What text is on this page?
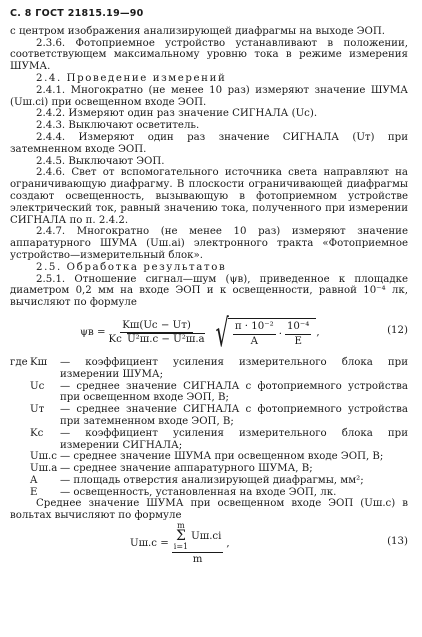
С. 8 ГОСТ 21815.19—90

с центром изображения анализирующей диафрагмы на выходе ЭОП.

2.3.6. Фотоприемное устройство устанавливают в положении, соответствующем максимальному уровню тока в режиме измерения ШУМА.

2.4. Проведение измерений

2.4.1. Многократно (не менее 10 раз) измеряют значение ШУМА (Uш.сi) при освещенном входе ЭОП.

2.4.2. Измеряют один раз значение СИГНАЛА (Uс).

2.4.3. Выключают осветитель.

2.4.4. Измеряют один раз значение СИГНАЛА (Uт) при затемненном входе ЭОП.

2.4.5. Выключают ЭОП.

2.4.6. Свет от вспомогательного источника света направляют на ограничивающую диафрагму. В плоскости ограничивающей диафрагмы создают освещенность, вызывающую в фотоприемном устройстве электрический ток, равный значению тока, полученного при измерении СИГНАЛА по п. 2.4.2.

2.4.7. Многократно (не менее 10 раз) измеряют значение аппаратурного ШУМА (Uш.аi) электронного тракта «Фотоприемное устройство—измерительный блок».

2.5. Обработка результатов

2.5.1. Отношение сигнал—шум (ψв), приведенное к площадке диаметром 0,2 мм на входе ЭОП и к освещенности, равной 10⁻⁴ лк, вычисляют по формуле

$\psi в = \frac{Kш(Uс - Uт)}{\text{Kс U²ш.с − U²ш.а}}$ √ $\frac{\text{π · 10⁻²}}{A} \cdot \frac{\text{10⁻⁴}}{E}$ ,	(12)
где Kш	— коэффициент усиления измерительного блока при измерении ШУМА;
Uс	— среднее значение СИГНАЛА с фотоприемного устройства при освещенном входе ЭОП, В;
Uт	— среднее значение СИГНАЛА с фотоприемного устройства при затемненном входе ЭОП, В;
Kс	— коэффициент усиления измерительного блока при измерении СИГНАЛА;
Uш.с — среднее значение ШУМА при освещенном входе ЭОП, В;
Uш.а — среднее значение аппаратурного ШУМА, В;
A	— площадь отверстия анализирующей диафрагмы, мм²;
E	— освещенность, установленная на входе ЭОП, лк.

Среднее значение ШУМА при освещенном входе ЭОП (Uш.с) в вольтах вычисляют по формуле

Uш.с = m
Σ
i=1
Uш.сi
m ,	(13)
